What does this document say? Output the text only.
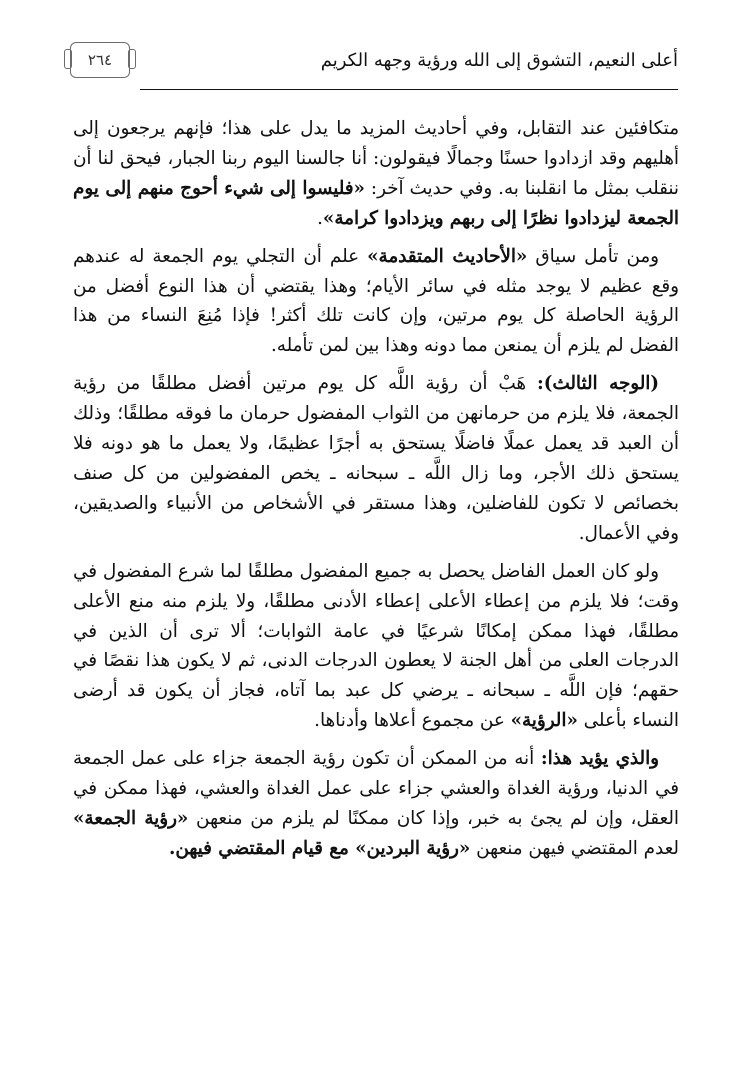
أعلى النعيم، التشوق إلى الله ورؤية وجهه الكريم
٢٦٤

متكافئين عند التقابل، وفي أحاديث المزيد ما يدل على هذا؛ فإنهم يرجعون إلى أهليهم وقد ازدادوا حسنًا وجمالًا فيقولون: أنا جالسنا اليوم ربنا الجبار، فيحق لنا أن ننقلب بمثل ما انقلبنا به. وفي حديث آخر: «فليسوا إلى شيء أحوج منهم إلى يوم الجمعة ليزدادوا نظرًا إلى ربهم ويزدادوا كرامة».

ومن تأمل سياق «الأحاديث المتقدمة» علم أن التجلي يوم الجمعة له عندهم وقع عظيم لا يوجد مثله في سائر الأيام؛ وهذا يقتضي أن هذا النوع أفضل من الرؤية الحاصلة كل يوم مرتين، وإن كانت تلك أكثر! فإذا مُنِعَ النساء من هذا الفضل لم يلزم أن يمنعن مما دونه وهذا بين لمن تأمله.

(الوجه الثالث): هَبْ أن رؤية اللَّه كل يوم مرتين أفضل مطلقًا من رؤية الجمعة، فلا يلزم من حرمانهن من الثواب المفضول حرمان ما فوقه مطلقًا؛ وذلك أن العبد قد يعمل عملًا فاضلًا يستحق به أجرًا عظيمًا، ولا يعمل ما هو دونه فلا يستحق ذلك الأجر، وما زال اللَّه ـ سبحانه ـ يخص المفضولين من كل صنف بخصائص لا تكون للفاضلين، وهذا مستقر في الأشخاص من الأنبياء والصديقين، وفي الأعمال.

ولو كان العمل الفاضل يحصل به جميع المفضول مطلقًا لما شرع المفضول في وقت؛ فلا يلزم من إعطاء الأعلى إعطاء الأدنى مطلقًا، ولا يلزم منه منع الأعلى مطلقًا، فهذا ممكن إمكانًا شرعيًا في عامة الثوابات؛ ألا ترى أن الذين في الدرجات العلى من أهل الجنة لا يعطون الدرجات الدنى، ثم لا يكون هذا نقصًا في حقهم؛ فإن اللَّه ـ سبحانه ـ يرضي كل عبد بما آتاه، فجاز أن يكون قد أرضى النساء بأعلى «الرؤية» عن مجموع أعلاها وأدناها.

والذي يؤيد هذا: أنه من الممكن أن تكون رؤية الجمعة جزاء على عمل الجمعة في الدنيا، ورؤية الغداة والعشي جزاء على عمل الغداة والعشي، فهذا ممكن في العقل، وإن لم يجئ به خبر، وإذا كان ممكنًا لم يلزم من منعهن «رؤية الجمعة» لعدم المقتضي فيهن منعهن «رؤية البردين» مع قيام المقتضي فيهن.
